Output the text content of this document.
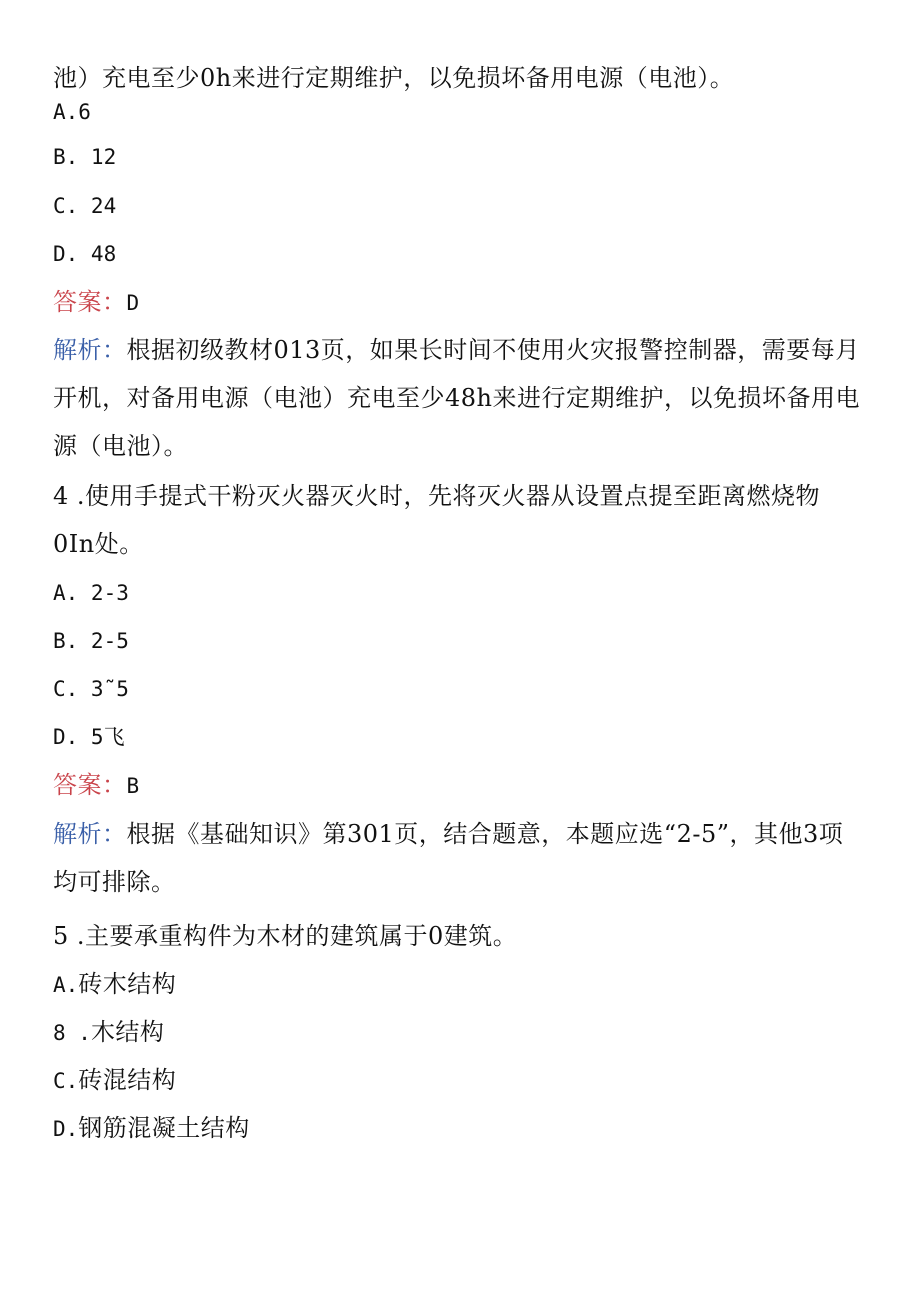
池）充电至少0h来进行定期维护，以免损坏备用电源（电池）。
A.6
B. 12
C. 24
D. 48
答案：D
解析：根据初级教材013页，如果长时间不使用火灾报警控制器，需要每月
开机，对备用电源（电池）充电至少48h来进行定期维护，以免损坏备用电
源（电池）。
4 .使用手提式干粉灭火器灭火时，先将灭火器从设置点提至距离燃烧物
0In处。
A. 2-3
B. 2-5
C. 3˜5
D. 5飞
答案：B
解析：根据《基础知识》第301页，结合题意，本题应选“2-5”，其他3项
均可排除。
5 .主要承重构件为木材的建筑属于0建筑。
A.砖木结构
8 .木结构
C.砖混结构
D.钢筋混凝土结构
